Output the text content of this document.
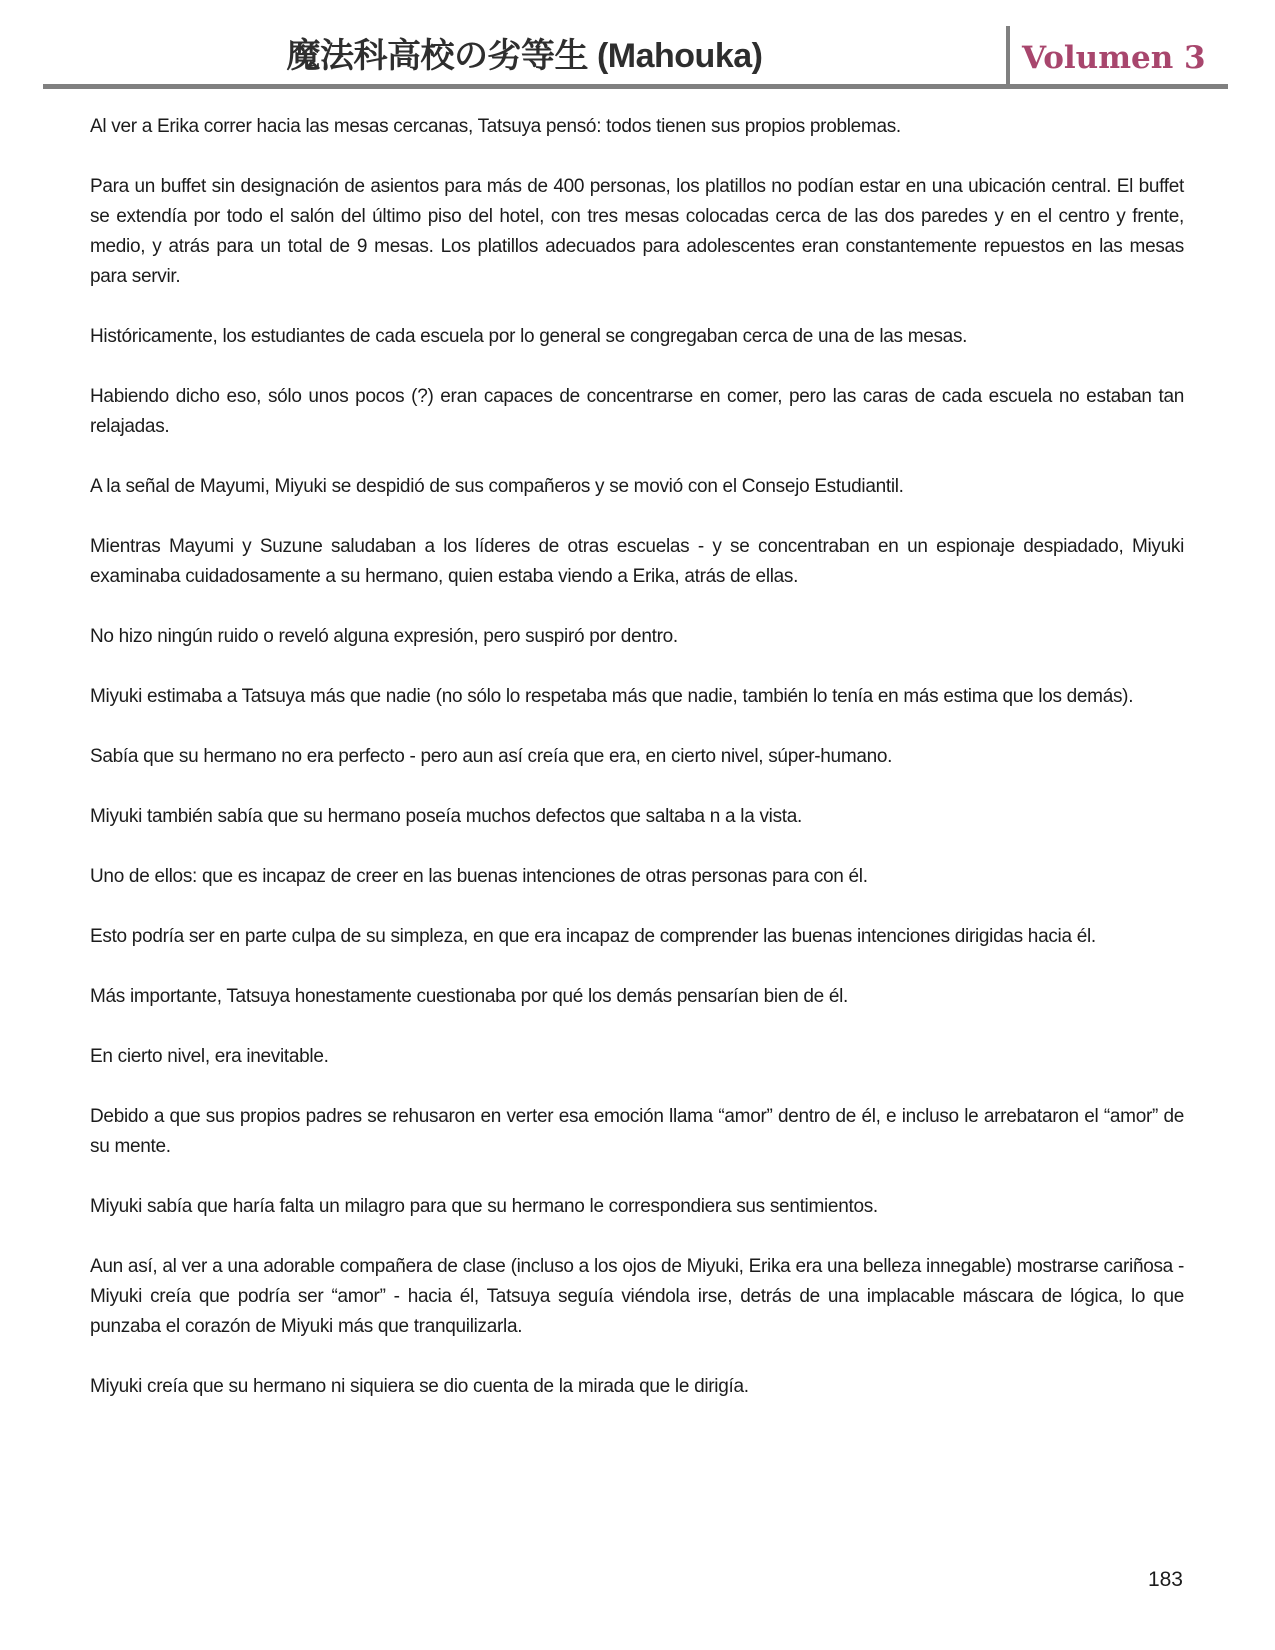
魔法科高校の劣等生 (Mahouka)	Volumen 3

Al ver a Erika correr hacia las mesas cercanas, Tatsuya pensó: todos tienen sus propios problemas.

Para un buffet sin designación de asientos para más de 400 personas, los platillos no podían estar en una ubicación central. El buffet se extendía por todo el salón del último piso del hotel, con tres mesas colocadas cerca de las dos paredes y en el centro y frente, medio, y atrás para un total de 9 mesas. Los platillos adecuados para adolescentes eran constantemente repuestos en las mesas para servir.

Históricamente, los estudiantes de cada escuela por lo general se congregaban cerca de una de las mesas.

Habiendo dicho eso, sólo unos pocos (?) eran capaces de concentrarse en comer, pero las caras de cada escuela no estaban tan relajadas.

A la señal de Mayumi, Miyuki se despidió de sus compañeros y se movió con el Consejo Estudiantil.

Mientras Mayumi y Suzune saludaban a los líderes de otras escuelas - y se concentraban en un espionaje despiadado, Miyuki examinaba cuidadosamente a su hermano, quien estaba viendo a Erika, atrás de ellas.

No hizo ningún ruido o reveló alguna expresión, pero suspiró por dentro.

Miyuki estimaba a Tatsuya más que nadie (no sólo lo respetaba más que nadie, también lo tenía en más estima que los demás).

Sabía que su hermano no era perfecto - pero aun así creía que era, en cierto nivel, súper-humano.

Miyuki también sabía que su hermano poseía muchos defectos que saltaba n a la vista.

Uno de ellos: que es incapaz de creer en las buenas intenciones de otras personas para con él.

Esto podría ser en parte culpa de su simpleza, en que era incapaz de comprender las buenas intenciones dirigidas hacia él.

Más importante, Tatsuya honestamente cuestionaba por qué los demás pensarían bien de él.

En cierto nivel, era inevitable.

Debido a que sus propios padres se rehusaron en verter esa emoción llama “amor” dentro de él, e incluso le arrebataron el “amor” de su mente.

Miyuki sabía que haría falta un milagro para que su hermano le correspondiera sus sentimientos.

Aun así, al ver a una adorable compañera de clase (incluso a los ojos de Miyuki, Erika era una belleza innegable) mostrarse cariñosa - Miyuki creía que podría ser “amor” - hacia él, Tatsuya seguía viéndola irse, detrás de una implacable máscara de lógica, lo que punzaba el corazón de Miyuki más que tranquilizarla.

Miyuki creía que su hermano ni siquiera se dio cuenta de la mirada que le dirigía.

183
